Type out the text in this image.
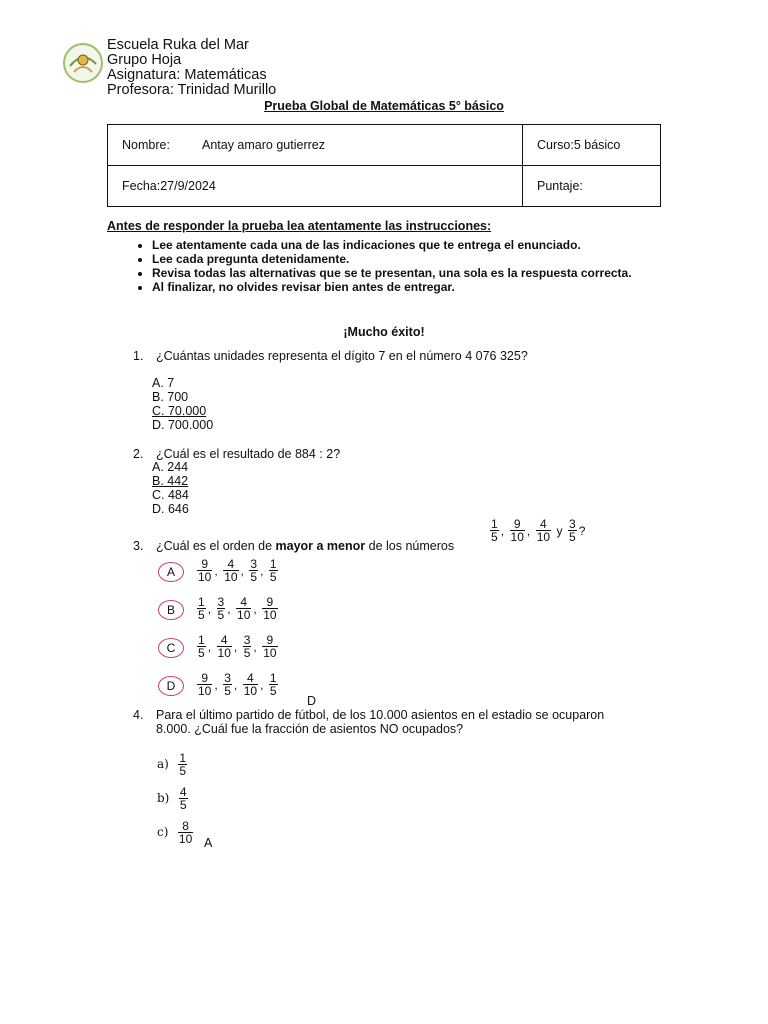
Escuela Ruka del Mar
Grupo Hoja
Asignatura: Matemáticas
Profesora: Trinidad Murillo
Prueba Global de Matemáticas 5° básico
Nombre: Antay amaro gutierrez	Curso:5 básico
Fecha:27/9/2024	Puntaje:
Antes de responder la prueba lea atentamente las instrucciones:
• Lee atentamente cada una de las indicaciones que te entrega el enunciado.
• Lee cada pregunta detenidamente.
• Revisa todas las alternativas que se te presentan, una sola es la respuesta correcta.
• Al finalizar, no olvides revisar bien antes de entregar.
¡Mucho éxito!
1. ¿Cuántas unidades representa el dígito 7 en el número 4 076 325?
A. 7
B. 700
C. 70.000
D. 700.000
2. ¿Cuál es el resultado de 884 : 2?
A. 244
B. 442
C. 484
D. 646
3. ¿Cuál es el orden de mayor a menor de los números
$\frac{1}{5}$ , $\frac{9}{10}$ , $\frac{4}{10}$ y $\frac{3}{5}$ ?
A	$\frac{9}{10}$ , $\frac{4}{10}$ , $\frac{3}{5}$ , $\frac{1}{5}$
B	$\frac{1}{5}$ , $\frac{3}{5}$ , $\frac{4}{10}$ , $\frac{9}{10}$
C	$\frac{1}{5}$ , $\frac{4}{10}$ , $\frac{3}{5}$ , $\frac{9}{10}$
D	$\frac{9}{10}$ , $\frac{3}{5}$ , $\frac{4}{10}$ , $\frac{1}{5}$
D
4. Para el último partido de fútbol, de los 10.000 asientos en el estadio se ocuparon
8.000. ¿Cuál fue la fracción de asientos NO ocupados?
$a) \frac{1}{5}$
$b) \frac{4}{5}$
$c) \frac{8}{10}$ A
